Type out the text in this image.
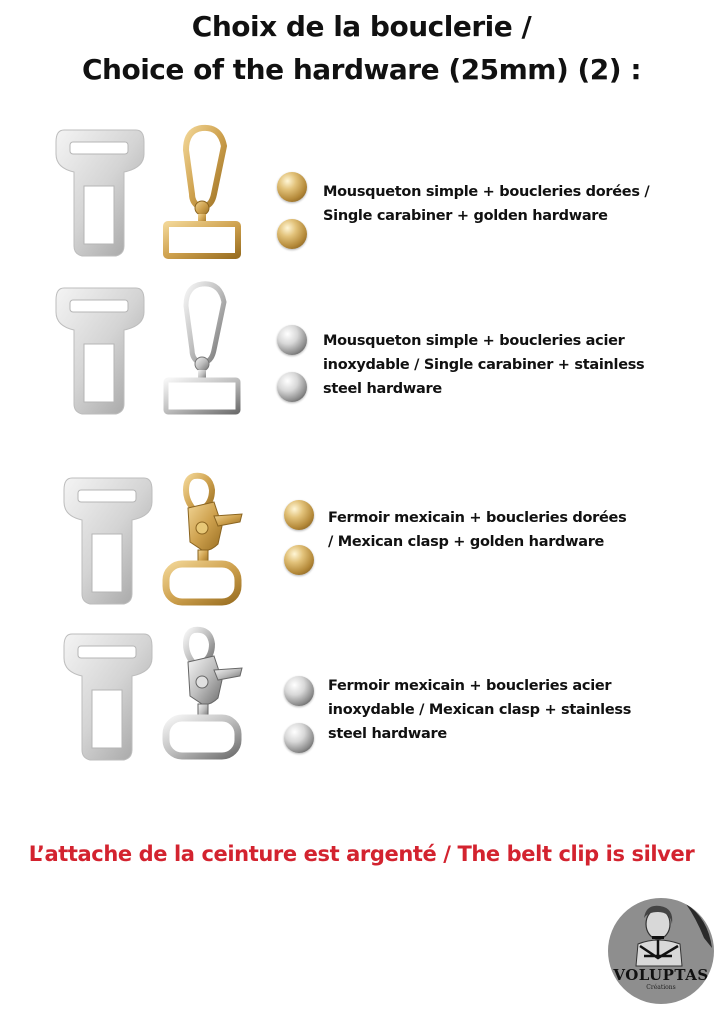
Choix de la bouclerie /
Choice of the hardware (25mm) (2) :
Mousqueton simple + boucleries dorées /
Single carabiner + golden hardware
Mousqueton simple + boucleries acier
inoxydable / Single carabiner + stainless
steel hardware
Fermoir mexicain + boucleries dorées
/ Mexican clasp + golden hardware
Fermoir mexicain + boucleries acier
inoxydable / Mexican clasp + stainless
steel hardware
L’attache de la ceinture est argenté / The belt clip is silver
VOLUPTAS
Créations
